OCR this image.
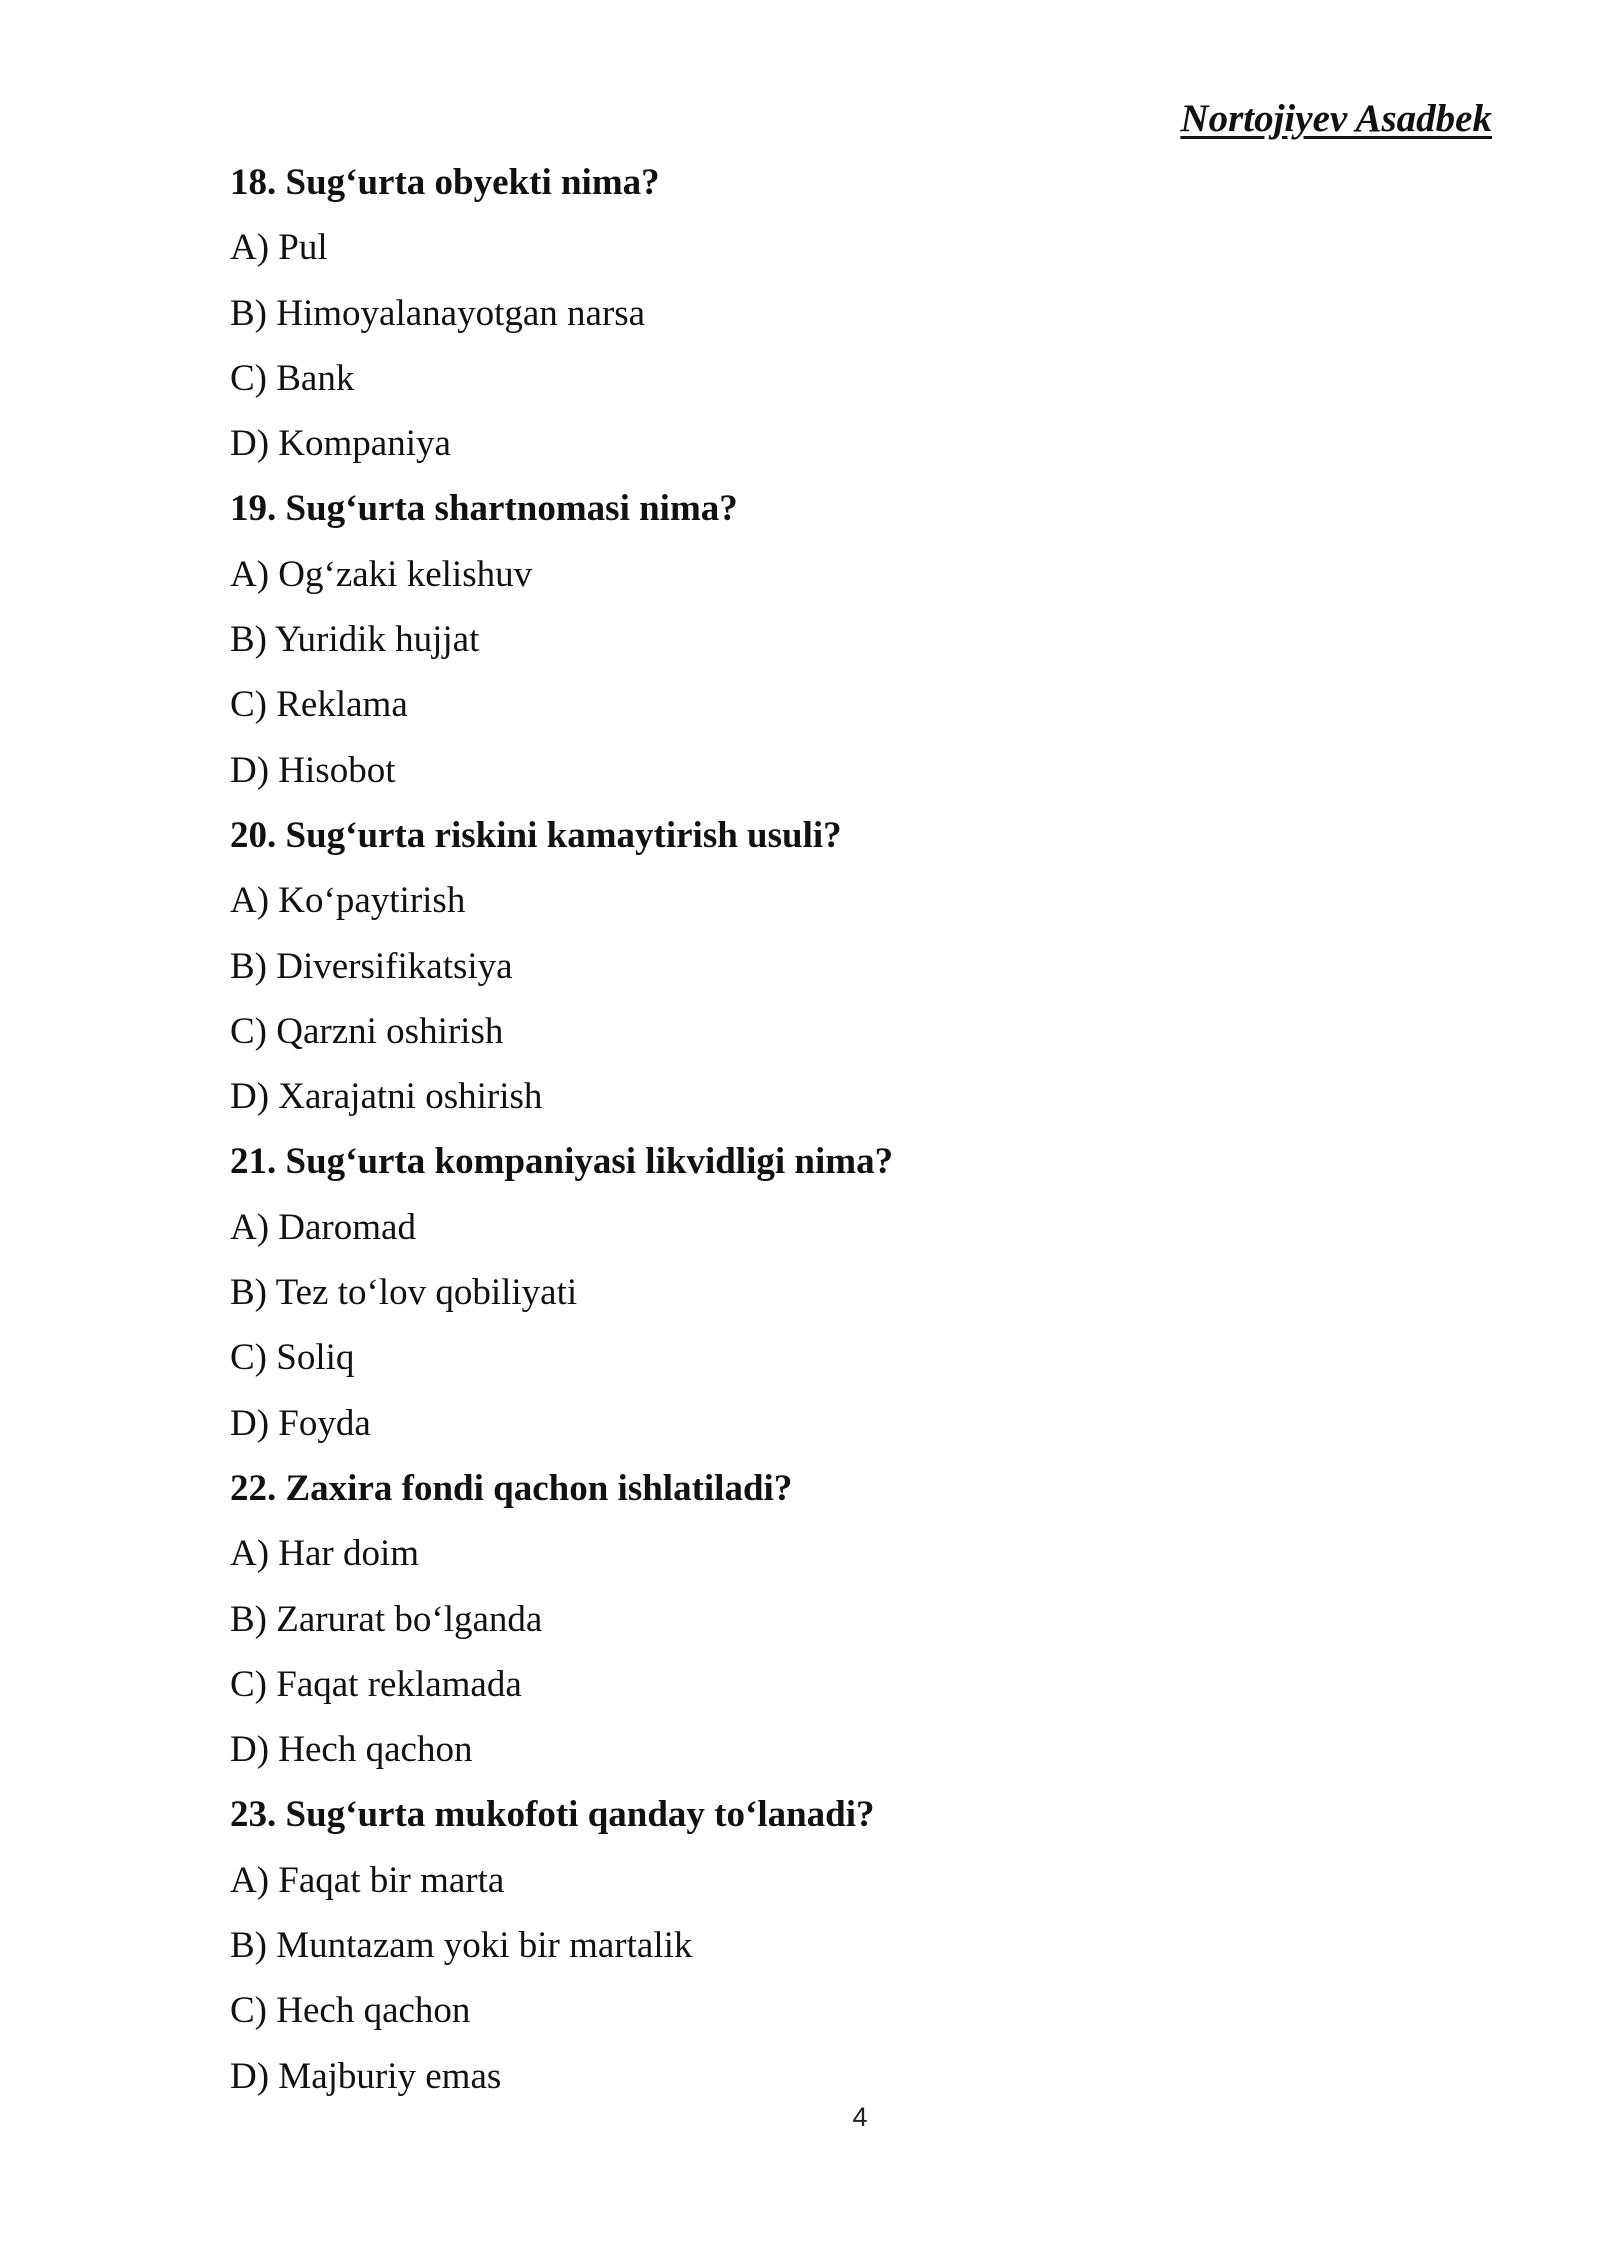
Nortojiyev Asadbek
18. Sug‘urta obyekti nima?
A) Pul
B) Himoyalanayotgan narsa
C) Bank
D) Kompaniya
19. Sug‘urta shartnomasi nima?
A) Og‘zaki kelishuv
B) Yuridik hujjat
C) Reklama
D) Hisobot
20. Sug‘urta riskini kamaytirish usuli?
A) Ko‘paytirish
B) Diversifikatsiya
C) Qarzni oshirish
D) Xarajatni oshirish
21. Sug‘urta kompaniyasi likvidligi nima?
A) Daromad
B) Tez to‘lov qobiliyati
C) Soliq
D) Foyda
22. Zaxira fondi qachon ishlatiladi?
A) Har doim
B) Zarurat bo‘lganda
C) Faqat reklamada
D) Hech qachon
23. Sug‘urta mukofoti qanday to‘lanadi?
A) Faqat bir marta
B) Muntazam yoki bir martalik
C) Hech qachon
D) Majburiy emas
4
